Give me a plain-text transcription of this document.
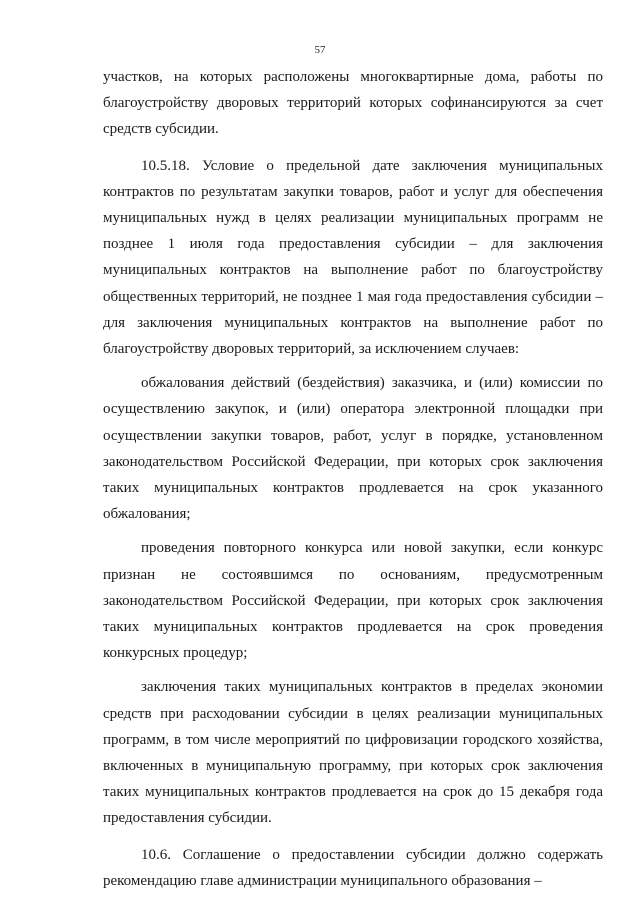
57

участков, на которых расположены многоквартирные дома, работы по благоустройству дворовых территорий которых софинансируются за счет средств субсидии.

10.5.18. Условие о предельной дате заключения муниципальных контрактов по результатам закупки товаров, работ и услуг для обеспечения муниципальных нужд в целях реализации муниципальных программ не позднее 1 июля года предоставления субсидии – для заключения муниципальных контрактов на выполнение работ по благоустройству общественных территорий, не позднее 1 мая года предоставления субсидии – для заключения муниципальных контрактов на выполнение работ по благоустройству дворовых территорий, за исключением случаев:

обжалования действий (бездействия) заказчика, и (или) комиссии по осуществлению закупок, и (или) оператора электронной площадки при осуществлении закупки товаров, работ, услуг в порядке, установленном законодательством Российской Федерации, при которых срок заключения таких муниципальных контрактов продлевается на срок указанного обжалования;

проведения повторного конкурса или новой закупки, если конкурс признан не состоявшимся по основаниям, предусмотренным законодательством Российской Федерации, при которых срок заключения таких муниципальных контрактов продлевается на срок проведения конкурсных процедур;

заключения таких муниципальных контрактов в пределах экономии средств при расходовании субсидии в целях реализации муниципальных программ, в том числе мероприятий по цифровизации городского хозяйства, включенных в муниципальную программу, при которых срок заключения таких муниципальных контрактов продлевается на срок до 15 декабря года предоставления субсидии.

10.6. Соглашение о предоставлении субсидии должно содержать рекомендацию главе администрации муниципального образования –
